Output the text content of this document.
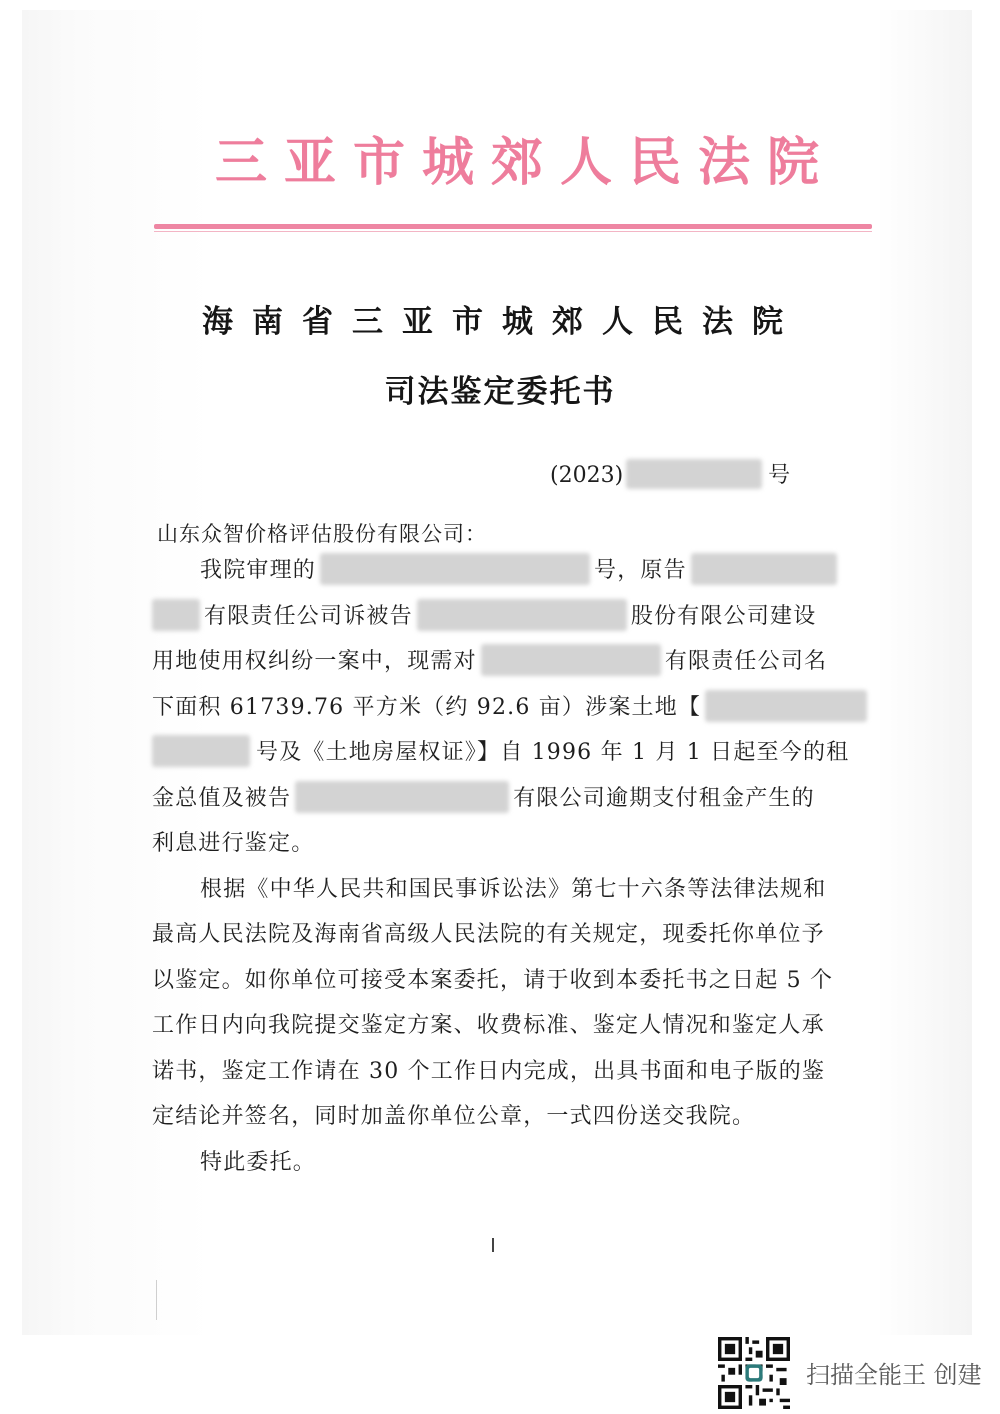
三亚市城郊人民法院
海南省三亚市城郊人民法院
司法鉴定委托书
(2023)	号
山东众智价格评估股份有限公司：
我院审理的	号，原告
有限责任公司诉被告	股份有限公司建设
用地使用权纠纷一案中，现需对	有限责任公司名
下面积 61739.76 平方米（约 92.6 亩）涉案土地【
号及《土地房屋权证》】自 1996 年 1 月 1 日起至今的租
金总值及被告	有限公司逾期支付租金产生的
利息进行鉴定。
根据《中华人民共和国民事诉讼法》第七十六条等法律法规和
最高人民法院及海南省高级人民法院的有关规定，现委托你单位予
以鉴定。如你单位可接受本案委托，请于收到本委托书之日起 5 个
工作日内向我院提交鉴定方案、收费标准、鉴定人情况和鉴定人承
诺书，鉴定工作请在 30 个工作日内完成，出具书面和电子版的鉴
定结论并签名，同时加盖你单位公章，一式四份送交我院。
特此委托。
扫描全能王 创建
